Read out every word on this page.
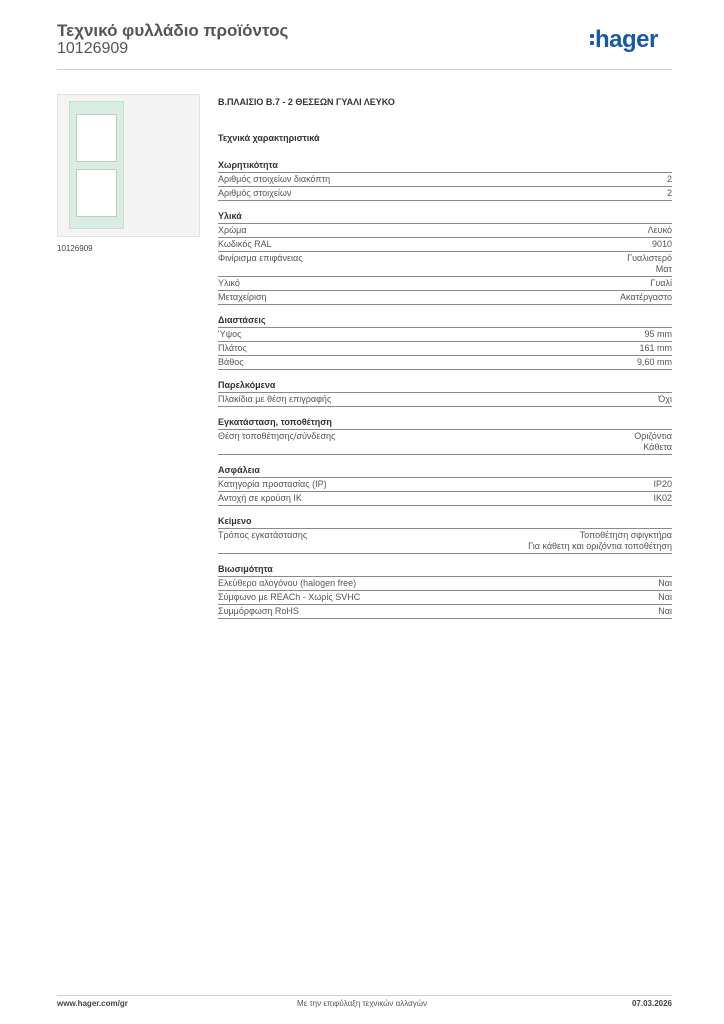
Τεχνικό φυλλάδιο προϊόντος
10126909	hager
10126909
Β.ΠΛΑΙΣΙΟ Β.7 - 2 ΘΕΣΕΩΝ ΓΥΑΛΙ ΛΕΥΚΟ
Τεχνικά χαρακτηριστικά
Χωρητικότητα
Αριθμός στοιχείων διακόπτη	2
Αριθμός στοιχείων	2
Υλικά
Χρώμα	Λευκό
Κωδικός RAL	9010
Φινίρισμα επιφάνειας	Γυαλιστερό
Ματ
Υλικό	Γυαλί
Μεταχείριση	Ακατέργαστο
Διαστάσεις
Ύψος	95 mm
Πλάτος	161 mm
Βάθος	9,60 mm
Παρελκόμενα
Πλακίδια με θέση επιγραφής	Όχι
Εγκατάσταση, τοποθέτηση
Θέση τοποθέτησης/σύνδεσης	Οριζόντια
Κάθετα
Ασφάλεια
Κατηγορία προστασίας (IP)	IP20
Αντοχή σε κρούση IK	IK02
Κείμενο
Τρόπος εγκατάστασης	Τοποθέτηση σφιγκτήρα
Για κάθετη και οριζόντια τοποθέτηση
Βιωσιμότητα
Ελεύθερο αλογόνου (halogen free)	Ναι
Σύμφωνο με REACh - Χωρίς SVHC	Ναι
Συμμόρφωση RoHS	Ναι
www.hager.com/gr	Με την επιφύλαξη τεχνικών αλλαγών	07.03.2026
